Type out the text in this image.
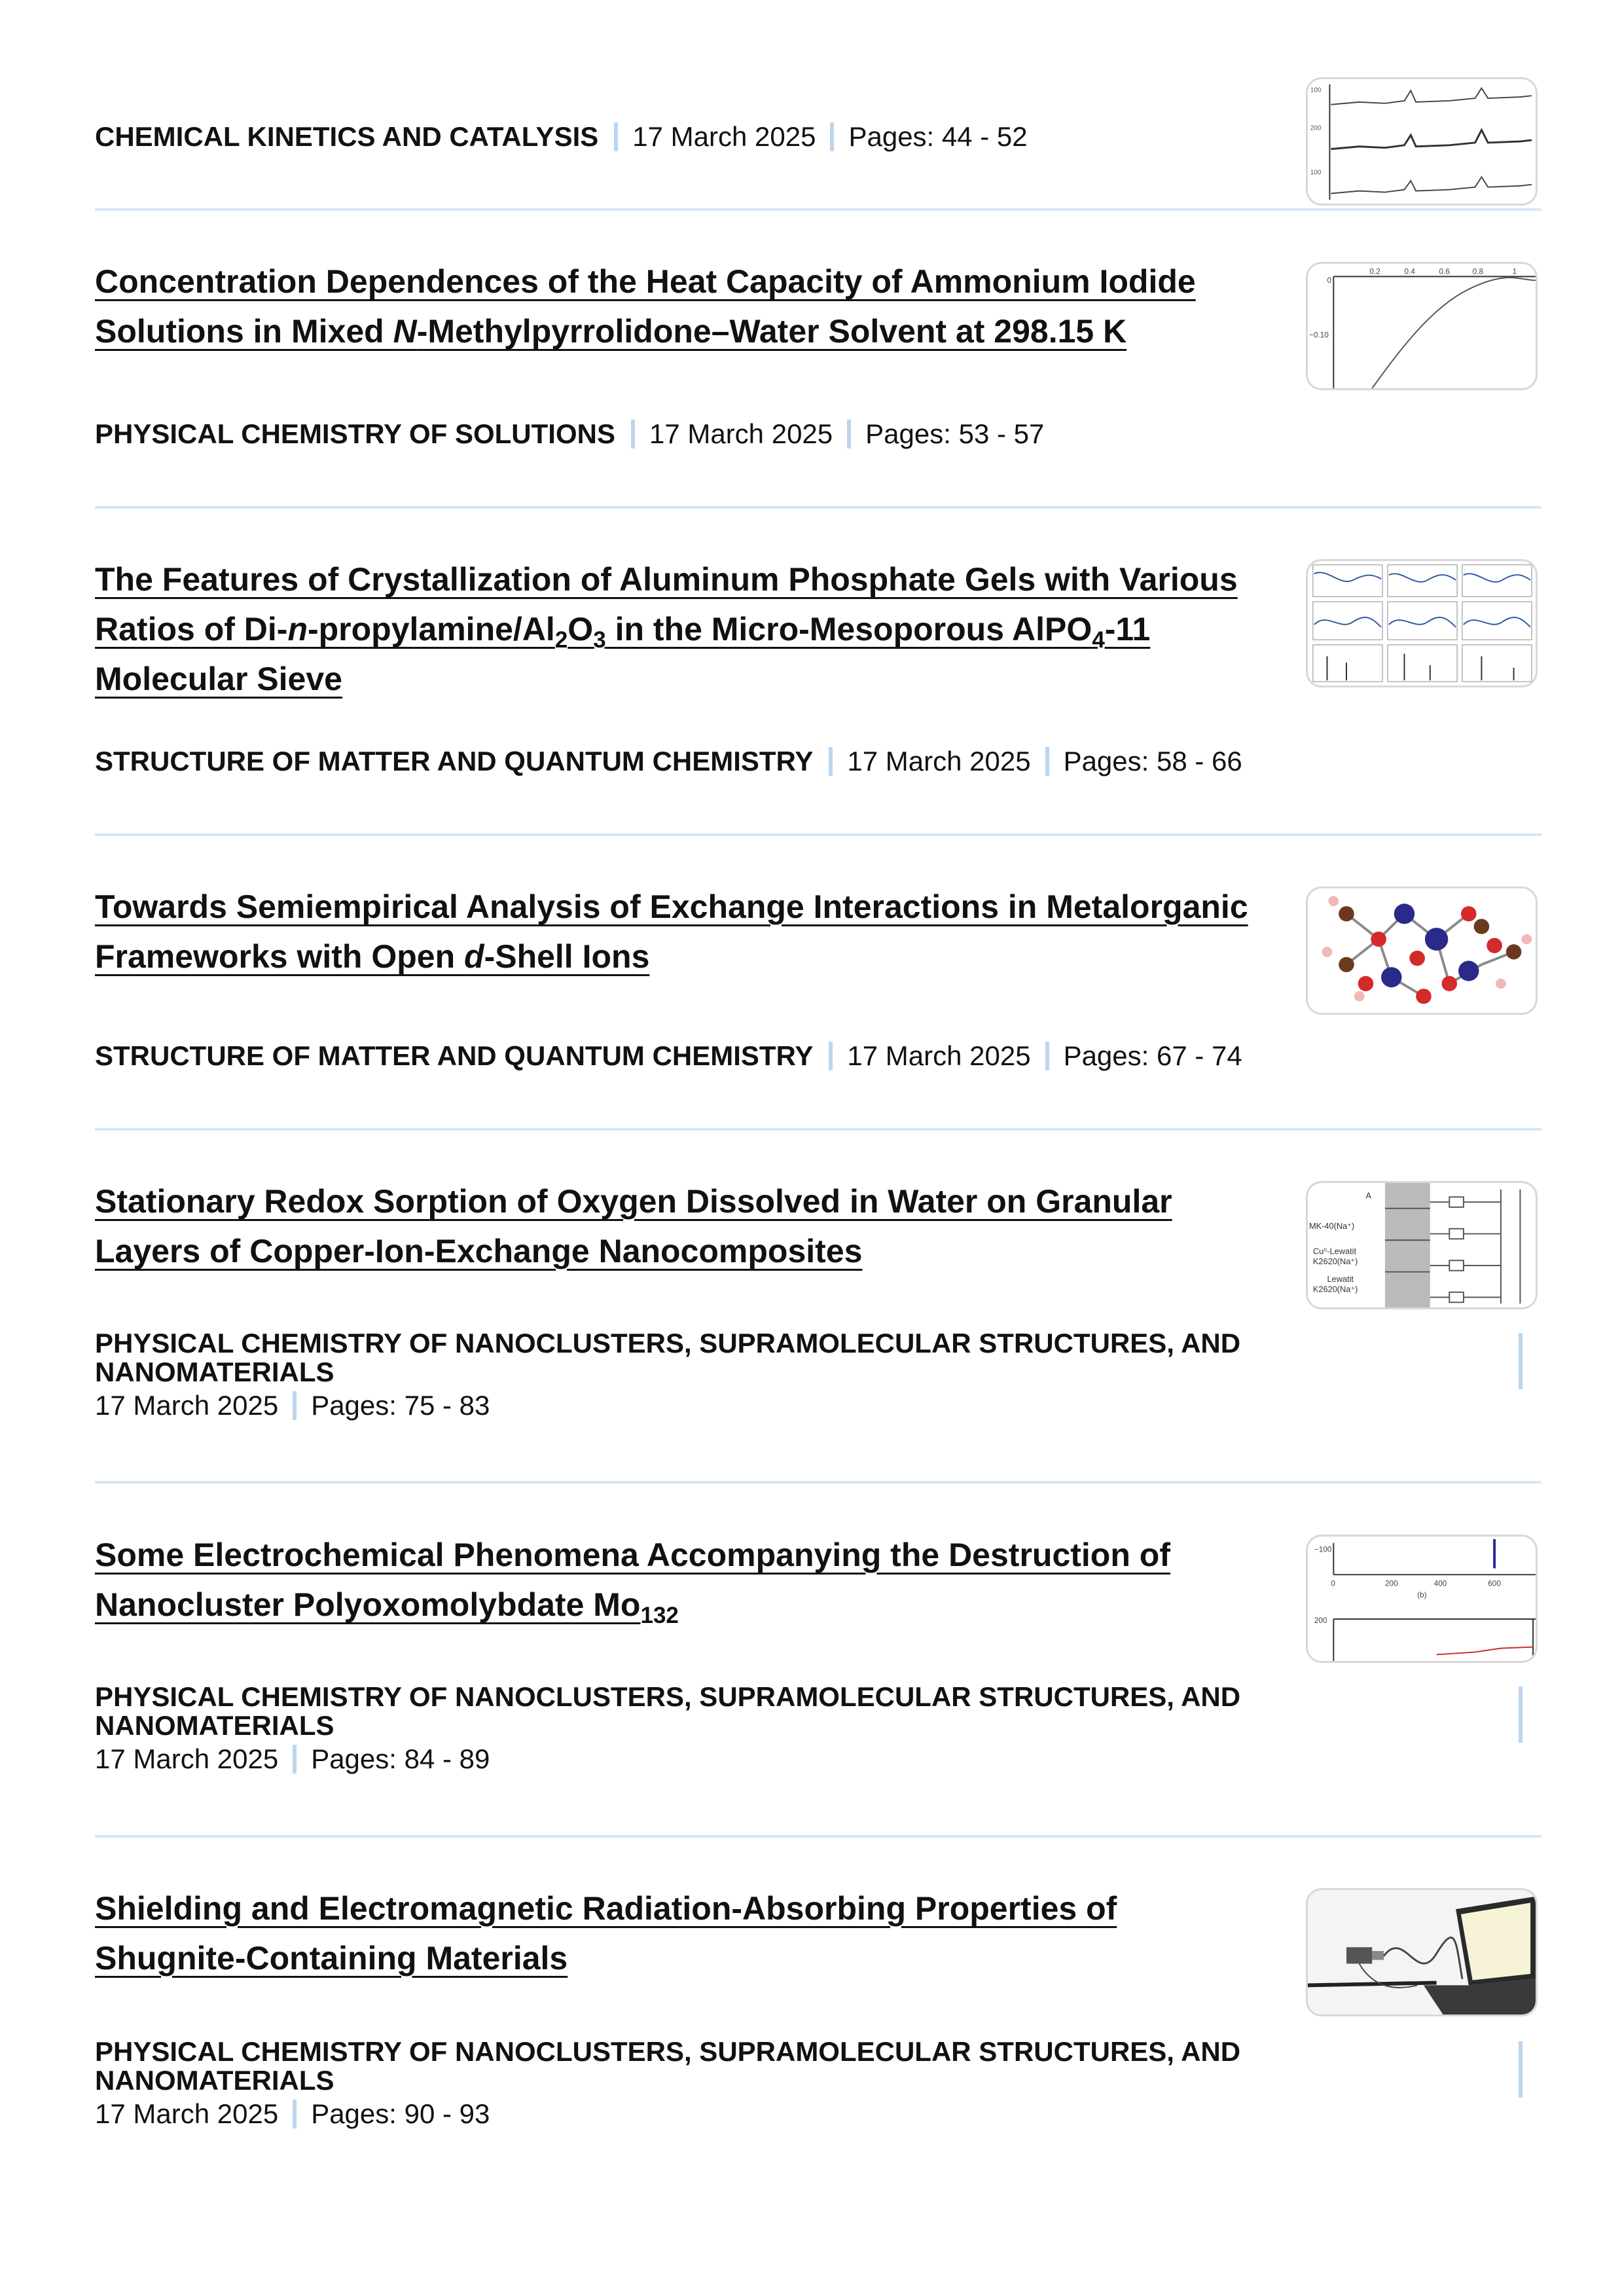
100
200
100
CHEMICAL KINETICS AND CATALYSIS 17 March 2025 Pages: 44 - 52
Concentration Dependences of the Heat Capacity of Ammonium Iodide Solutions in Mixed N-Methylpyrrolidone–Water Solvent at 298.15 K
0
−0.10
0.2	0.4	0.6	0.8	1
PHYSICAL CHEMISTRY OF SOLUTIONS 17 March 2025 Pages: 53 - 57
The Features of Crystallization of Aluminum Phosphate Gels with Various Ratios of $Di-n-propylamine/Al_2O_3$ in the Micro-Mesoporous AlPO$_4$-11 Molecular Sieve
STRUCTURE OF MATTER AND QUANTUM CHEMISTRY 17 March 2025 Pages: 58 - 66
Towards Semiempirical Analysis of Exchange Interactions in Metalorganic Frameworks with Open d-Shell Ions
STRUCTURE OF MATTER AND QUANTUM CHEMISTRY 17 March 2025 Pages: 67 - 74
Stationary Redox Sorption of Oxygen Dissolved in Water on Granular Layers of Copper-Ion-Exchange Nanocomposites
A
MK-40(Na⁺)
Cu⁰-Lewatit
K2620(Na⁺)
Lewatit
K2620(Na⁺)
PHYSICAL CHEMISTRY OF NANOCLUSTERS, SUPRAMOLECULAR STRUCTURES, AND NANOMATERIALS
17 March 2025 Pages: 75 - 83
Some Electrochemical Phenomena Accompanying the Destruction of Nanocluster Polyoxomolybdate $Mo_{132}$
−100
0	200	400	600
(b)
200
PHYSICAL CHEMISTRY OF NANOCLUSTERS, SUPRAMOLECULAR STRUCTURES, AND NANOMATERIALS
17 March 2025 Pages: 84 - 89
Shielding and Electromagnetic Radiation-Absorbing Properties of Shugnite-Containing Materials
PHYSICAL CHEMISTRY OF NANOCLUSTERS, SUPRAMOLECULAR STRUCTURES, AND NANOMATERIALS
17 March 2025 Pages: 90 - 93
